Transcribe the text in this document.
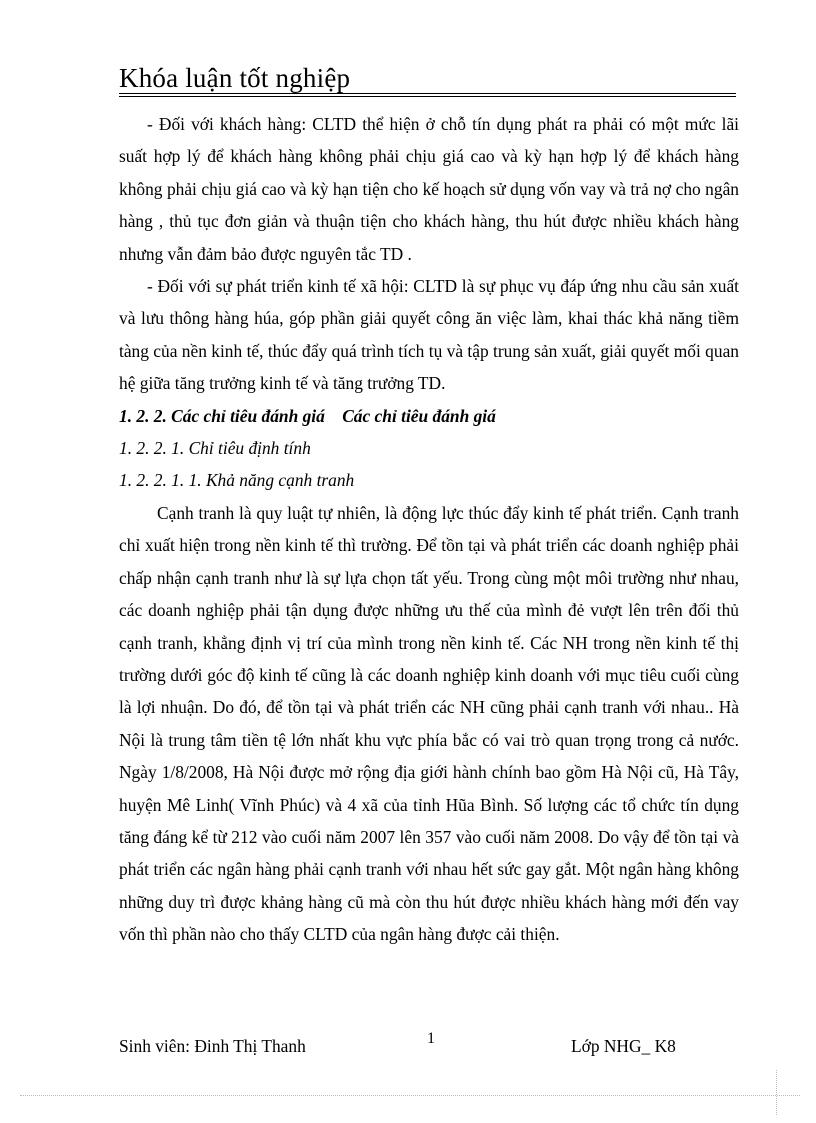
Khóa luận tốt nghiệp

- Đối với khách hàng: CLTD thể hiện ở chỗ tín dụng phát ra phải có một mức lãi suất hợp lý để khách hàng không phải chịu giá cao và kỳ hạn hợp lý để khách hàng không phải chịu giá cao và kỳ hạn tiện cho kế hoạch sử dụng vốn vay và trả nợ cho ngân hàng , thủ tục đơn giản và thuận tiện cho khách hàng, thu hút được nhiều khách hàng nhưng vẫn đảm bảo được nguyên tắc TD .

- Đối với sự phát triển kinh tế xã hội: CLTD là sự phục vụ đáp ứng nhu cầu sản xuất và lưu thông hàng húa, góp phần giải quyết công ăn việc làm, khai thác khả năng tiềm tàng của nền kinh tế, thúc đẩy quá trình tích tụ và tập trung sản xuất, giải quyết mối quan hệ giữa tăng trưởng kinh tế và tăng trưởng TD.

1. 2. 2. Các chỉ tiêu đánh giá    Các chỉ tiêu đánh giá

1. 2. 2. 1. Chỉ tiêu định tính

1. 2. 2. 1. 1. Khả năng cạnh tranh

Cạnh tranh là quy luật tự nhiên, là động lực thúc đẩy kinh tế phát triển. Cạnh tranh chỉ xuất hiện trong nền kinh tế thì trường. Để tồn tại và phát triển các doanh nghiệp phải chấp nhận cạnh tranh như là sự lựa chọn tất yếu. Trong cùng một môi trường như nhau, các doanh nghiệp phải tận dụng được những ưu thế của mình đẻ vượt lên trên đối thủ cạnh tranh, khẳng định vị trí của mình trong nền kinh tế. Các NH trong nền kinh tế thị trường dưới góc độ kinh tế cũng là các doanh nghiệp kinh doanh với mục tiêu cuối cùng là lợi nhuận. Do đó, để tồn tại và phát triển các NH cũng phải cạnh tranh với nhau.. Hà Nội là trung tâm tiền tệ lớn nhất khu vực phía bắc có vai trò quan trọng trong cả nước. Ngày 1/8/2008, Hà Nội được mở rộng địa giới hành chính bao gồm Hà Nội cũ, Hà Tây, huyện Mê Linh( Vĩnh Phúc) và 4 xã của tỉnh Hũa Bình. Số lượng các tổ chức tín dụng tăng đáng kể từ 212 vào cuối năm 2007 lên 357 vào cuối năm 2008. Do vậy để tồn tại và phát triển các ngân hàng phải cạnh tranh với nhau hết sức gay gắt. Một ngân hàng không những duy trì được khảng hàng cũ mà còn thu hút được nhiều khách hàng mới đến vay vốn thì phần nào cho thấy CLTD của ngân hàng được cải thiện.

Sinh viên: Đinh Thị Thanh	1	Lớp NHG_ K8
